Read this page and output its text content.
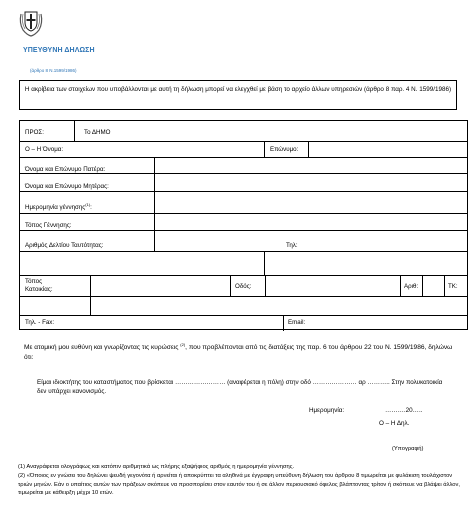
ΥΠΕΥΘΥΝΗ ΔΗΛΩΣΗ
(άρθρο 8 Ν.1599/1986)
Η ακρίβεια των στοιχείων που υποβάλλονται με αυτή τη δήλωση μπορεί να ελεγχθεί με βάση το αρχείο άλλων υπηρεσιών (άρθρο 8 παρ. 4 Ν. 1599/1986)
ΠΡΟΣ:	Το ΔΗΜΟ
Ο – Η Όνομα:	Επώνυμο:
Όνομα και Επώνυμο Πατέρα:
Όνομα και Επώνυμο Μητέρας:
Ημερομηνία γέννησης$^{(1)}$:
Τόπος Γέννησης:
Αριθμός Δελτίου Ταυτότητας:	Τηλ:
Τόπος
Κατοικίας:	Οδός:	Αριθ:	ΤΚ:
Τηλ. - Fax:	Email:
Με ατομική μου ευθύνη και γνωρίζοντας τις κυρώσεις $^{(2)}$, που προβλέπονται από τις διατάξεις της παρ. 6 του άρθρου 22 του Ν. 1599/1986, δηλώνω ότι:
Είμαι ιδιοκτήτης του καταστήματος που βρίσκεται …………………… (αναφέρεται η πόλη) στην οδό ………………… αρ ……….. Στην πολυκατοικία δεν υπάρχει κανονισμός.
Ημερομηνία:	……….20…..
Ο – Η Δηλ.
(Υπογραφή)
(1) Αναγράφεται ολογράφως και κατόπιν αριθμητικά ως πλήρης εξαψήφιος αριθμός η ημερομηνία γέννησης.
(2) «Όποιος εν γνώσει του δηλώνει ψευδή γεγονότα ή αρνείται ή αποκρύπτει τα αληθινά με έγγραφη υπεύθυνη δήλωση του άρθρου 8 τιμωρείται με φυλάκιση τουλάχιστον τριών μηνών. Εάν ο υπαίτιος αυτών των πράξεων σκόπευε να προσπορίσει στον εαυτόν του ή σε άλλον περιουσιακό όφελος βλάπτοντας τρίτον ή σκόπευε να βλάψει άλλον, τιμωρείται με κάθειρξη μέχρι 10 ετών.
